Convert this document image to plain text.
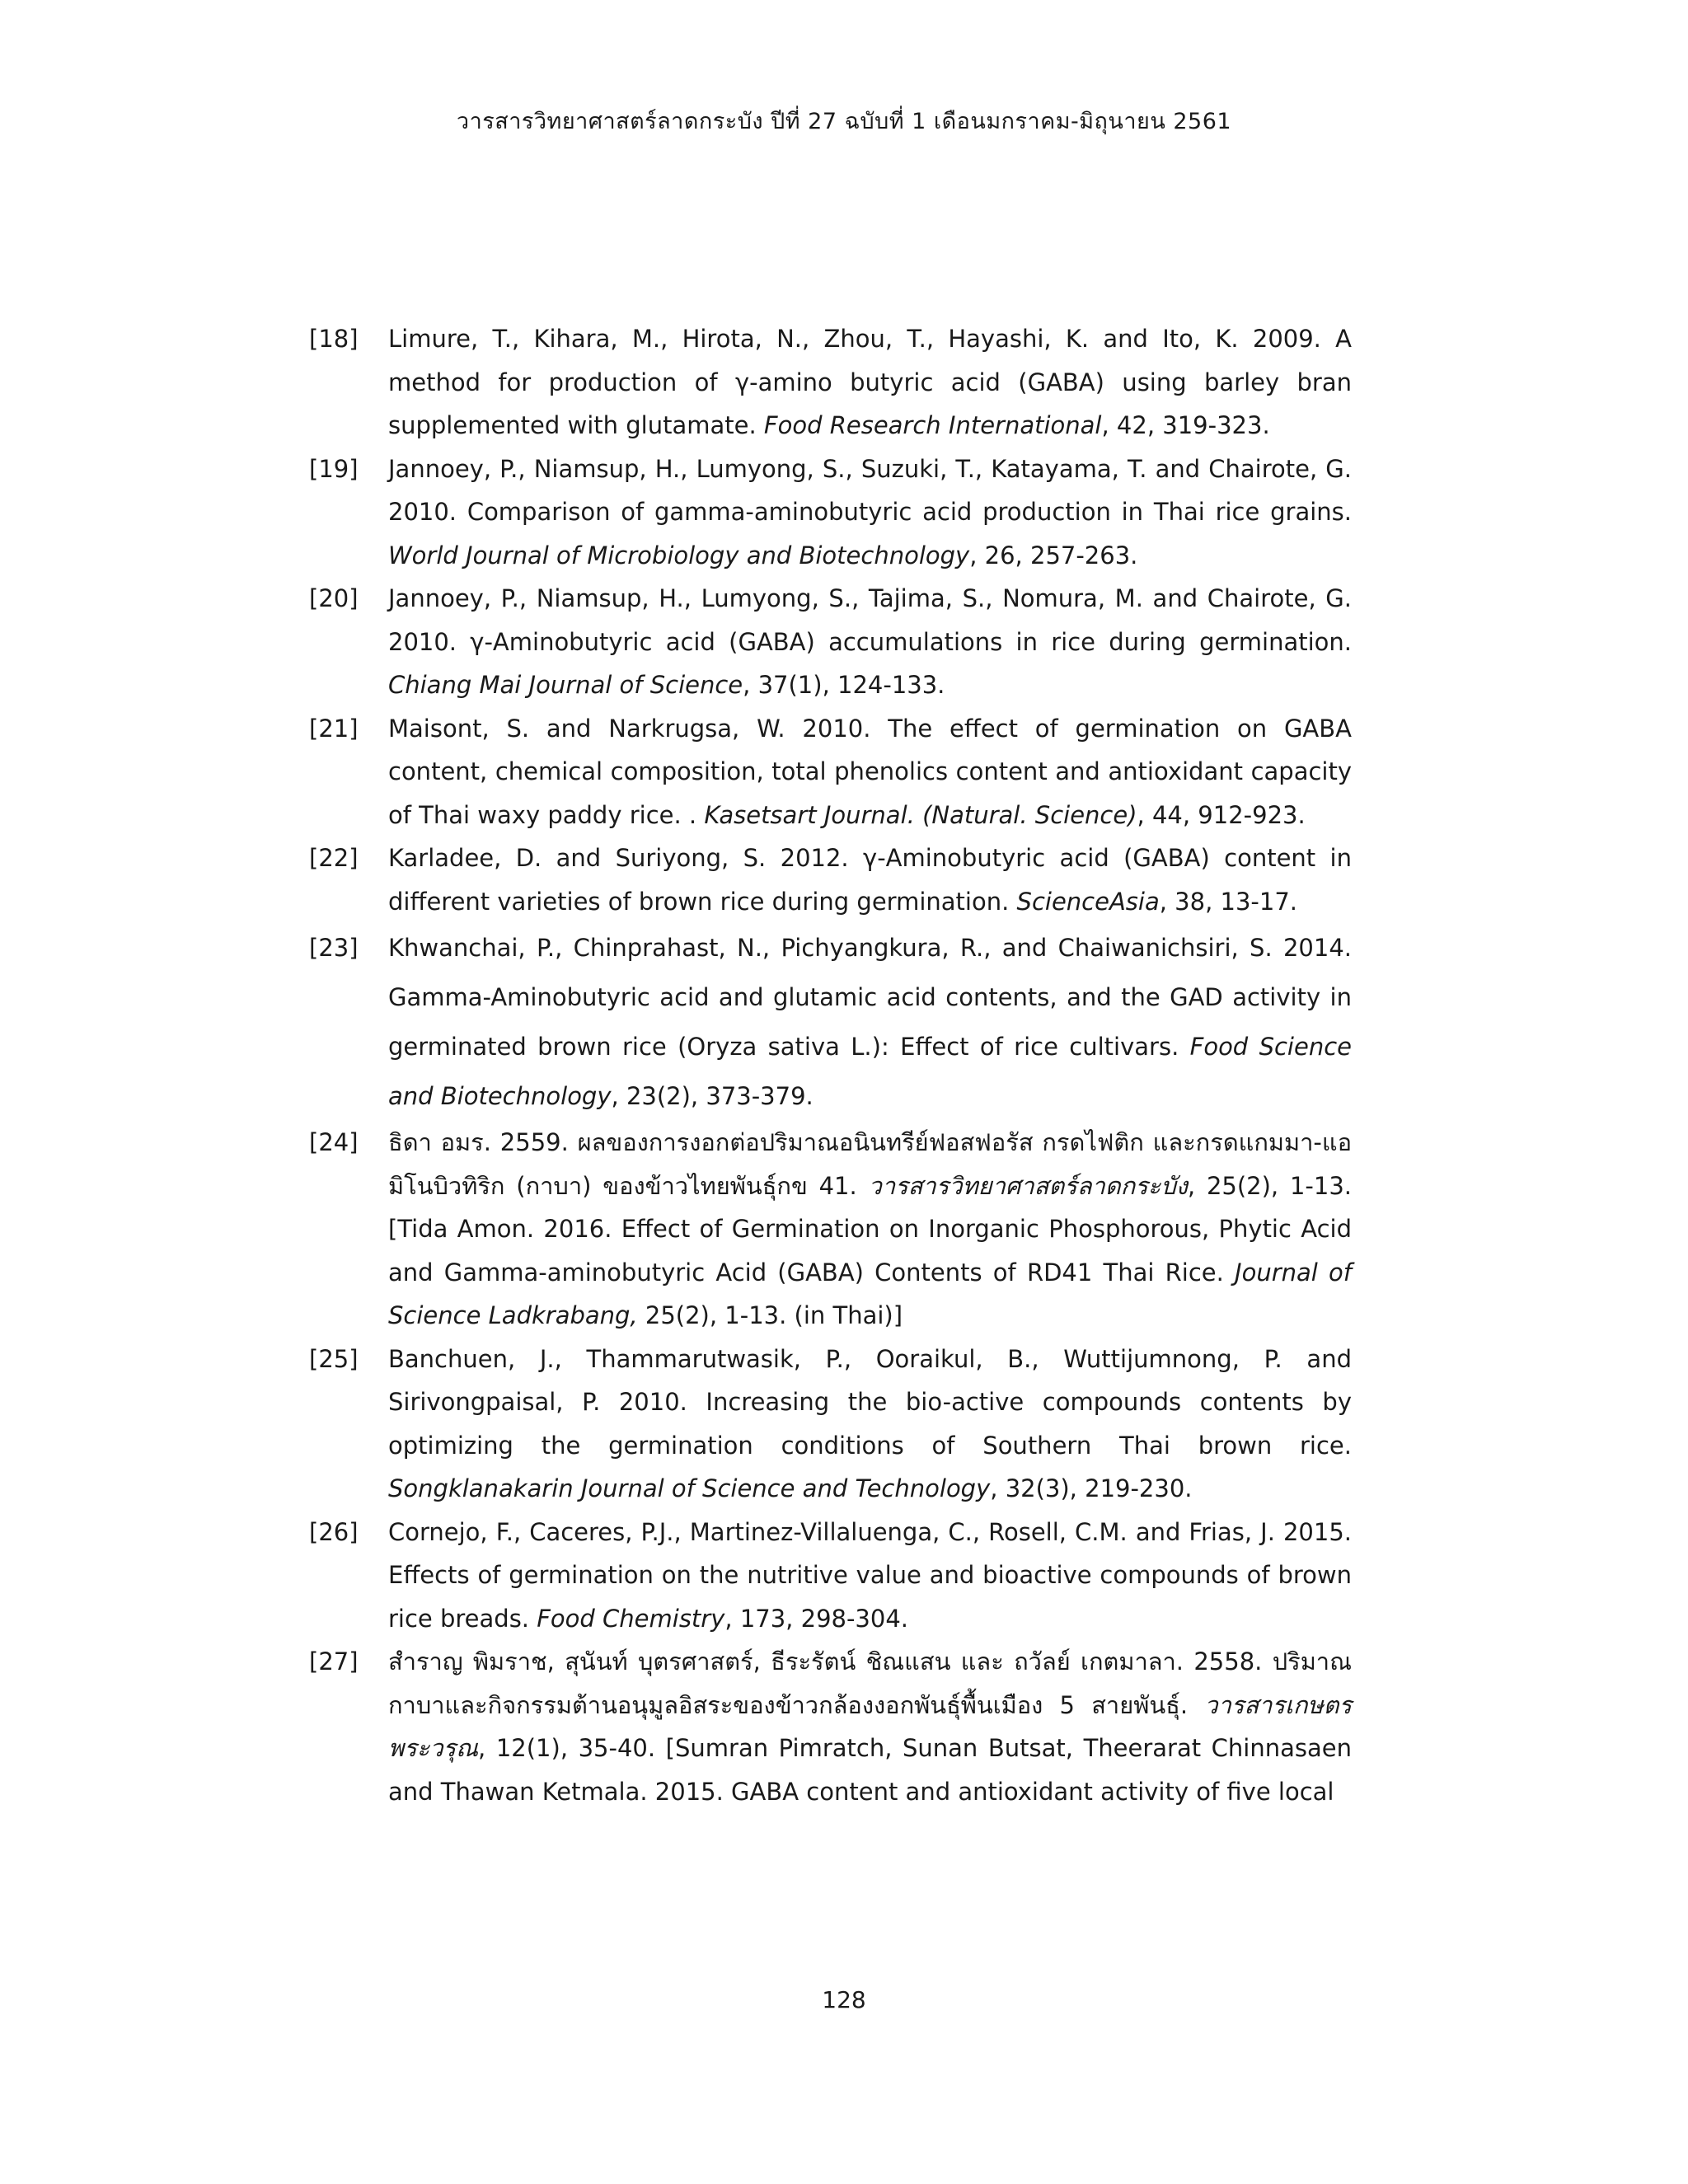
วารสารวิทยาศาสตร์ลาดกระบัง ปีที่ 27 ฉบับที่ 1 เดือนมกราคม-มิถุนายน 2561
[18]	Limure, T., Kihara, M., Hirota, N., Zhou, T., Hayashi, K. and Ito, K. 2009. A method for production of γ-amino butyric acid (GABA) using barley bran supplemented with glutamate. Food Research International, 42, 319-323.
[19]	Jannoey, P., Niamsup, H., Lumyong, S., Suzuki, T., Katayama, T. and Chairote, G. 2010. Comparison of gamma-aminobutyric acid production in Thai rice grains. World Journal of Microbiology and Biotechnology, 26, 257-263.
[20]	Jannoey, P., Niamsup, H., Lumyong, S., Tajima, S., Nomura, M. and Chairote, G. 2010. γ-Aminobutyric acid (GABA) accumulations in rice during germination. Chiang Mai Journal of Science, 37(1), 124-133.
[21]	Maisont, S. and Narkrugsa, W. 2010. The effect of germination on GABA content, chemical composition, total phenolics content and antioxidant capacity of Thai waxy paddy rice. . Kasetsart Journal. (Natural. Science), 44, 912-923.
[22]	Karladee, D. and Suriyong, S. 2012. γ-Aminobutyric acid (GABA) content in different varieties of brown rice during germination. ScienceAsia, 38, 13-17.
[23]	Khwanchai, P., Chinprahast, N., Pichyangkura, R., and Chaiwanichsiri, S. 2014. Gamma-Aminobutyric acid and glutamic acid contents, and the GAD activity in germinated brown rice (Oryza sativa L.): Effect of rice cultivars. Food Science and Biotechnology, 23(2), 373-379.
[24]	ธิดา อมร. 2559. ผลของการงอกต่อปริมาณอนินทรีย์ฟอสฟอรัส กรดไฟติก และกรดแกมมา-แอมิโนบิวทิริก (กาบา) ของข้าวไทยพันธุ์กข 41. วารสารวิทยาศาสตร์ลาดกระบัง, 25(2), 1-13. [Tida Amon. 2016. Effect of Germination on Inorganic Phosphorous, Phytic Acid and Gamma-aminobutyric Acid (GABA) Contents of RD41 Thai Rice. Journal of Science Ladkrabang, 25(2), 1-13. (in Thai)]
[25]	Banchuen, J., Thammarutwasik, P., Ooraikul, B., Wuttijumnong, P. and Sirivongpaisal, P. 2010. Increasing the bio-active compounds contents by optimizing the germination conditions of Southern Thai brown rice. Songklanakarin Journal of Science and Technology, 32(3), 219-230.
[26]	Cornejo, F., Caceres, P.J., Martinez-Villaluenga, C., Rosell, C.M. and Frias, J. 2015. Effects of germination on the nutritive value and bioactive compounds of brown rice breads. Food Chemistry, 173, 298-304.
[27]	สำราญ พิมราช, สุนันท์ บุตรศาสตร์, ธีระรัตน์ ชิณแสน และ ถวัลย์ เกตมาลา. 2558. ปริมาณกาบาและกิจกรรมต้านอนุมูลอิสระของข้าวกล้องงอกพันธุ์พื้นเมือง 5 สายพันธุ์. วารสารเกษตรพระวรุณ, 12(1), 35-40. [Sumran Pimratch, Sunan Butsat, Theerarat Chinnasaen and Thawan Ketmala. 2015. GABA content and antioxidant activity of five local
128
